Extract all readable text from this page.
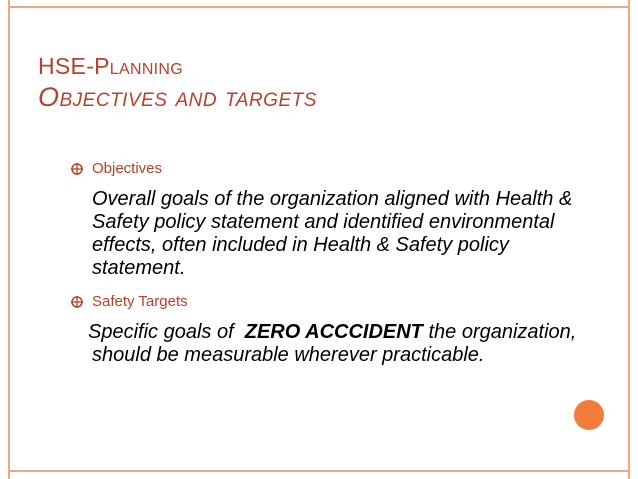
HSE-Planning
Objectives and targets
Objectives
Overall goals of the organization aligned with Health & Safety policy statement and identified environmental effects, often included in Health & Safety policy statement.
Safety Targets
Specific goals of  ZERO ACCCIDENT the organization, should be measurable wherever practicable.
